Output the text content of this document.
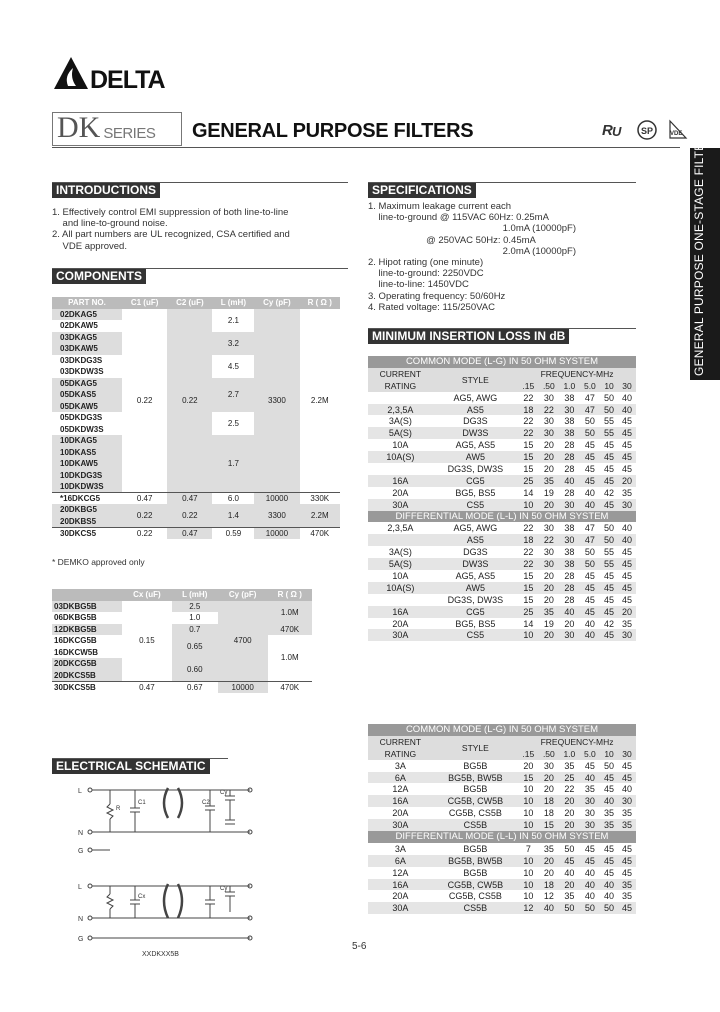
DELTA
DK SERIES GENERAL PURPOSE FILTERS	R U SP	VDE GENERAL PURPOSE ONE-STAGE FILTERS
INTRODUCTIONS
1. Effectively control EMI suppression of both line-to-line
and line-to-ground noise.
2. All part numbers are UL recognized, CSA certified and
VDE approved.
COMPONENTS
PART NO.	C1 (uF)	C2 (uF)	L (mH)	Cy (pF)	R ( Ω )
02DKAG5	0.22	0.22	2.1	3300	2.2M
02DKAW5					
03DKAG5			3.2		
03DKAW5					
03DKDG3S			4.5		
03DKDW3S					
05DKAG5			2.7		
05DKAS5					
05DKAW5					
05DKDG3S			2.5		
05DKDW3S					
10DKAG5			1.7		
10DKAS5					
10DKAW5					
10DKDG3S					
10DKDW3S					
*16DKCG5	0.47	0.47	6.0	10000	330K
20DKBG5	0.22	0.22	1.4	3300	2.2M
20DKBS5					
30DKCS5	0.22	0.47	0.59	10000	470K
* DEMKO approved only
	Cx (uF)	L (mH)	Cy (pF)	R ( Ω )
03DKBG5B	0.15	2.5	4700	1.0M
06DKBG5B		1.0		
12DKBG5B		0.7		470K
16DKCG5B		0.65		1.0M
16DKCW5B				
20DKCG5B		0.60		
20DKCS5B				
30DKCS5B	0.47	0.67	10000	470K
ELECTRICAL SCHEMATIC
L
N
G
C1	C2
Cy
R
L
N
G
Cx
Cy
XXDKXX5B
SPECIFICATIONS
1. Maximum leakage current each
line-to-ground @ 115VAC 60Hz: 0.25mA
1.0mA (10000pF)
@ 250VAC 50Hz: 0.45mA
2.0mA (10000pF)
2. Hipot rating (one minute)
line-to-ground: 2250VDC
line-to-line: 1450VDC
3. Operating frequency: 50/60Hz
4. Rated voltage: 115/250VAC
MINIMUM INSERTION LOSS IN dB
COMMON MODE (L-G) IN 50 OHM SYSTEM							
CURRENT	STYLE	FREQUENCY-MHz					
RATING		.15	.50	1.0	5.0	10	30
	AG5, AWG	22	30	38	47	50	40
2,3,5A	AS5	18	22	30	47	50	40
3A(S)	DG3S	22	30	38	50	55	45
5A(S)	DW3S	22	30	38	50	55	45
10A	AG5, AS5	15	20	28	45	45	45
10A(S)	AW5	15	20	28	45	45	45
	DG3S, DW3S	15	20	28	45	45	45
16A	CG5	25	35	40	45	45	20
20A	BG5, BS5	14	19	28	40	42	35
30A	CS5	10	20	30	40	45	30
DIFFERENTIAL MODE (L-L) IN 50 OHM SYSTEM							
2,3,5A	AG5, AWG	22	30	38	47	50	40
	AS5	18	22	30	47	50	40
3A(S)	DG3S	22	30	38	50	55	45
5A(S)	DW3S	22	30	38	50	55	45
10A	AG5, AS5	15	20	28	45	45	45
10A(S)	AW5	15	20	28	45	45	45
	DG3S, DW3S	15	20	28	45	45	45
16A	CG5	25	35	40	45	45	20
20A	BG5, BS5	14	19	20	40	42	35
30A	CS5	10	20	30	40	45	30
COMMON MODE (L-G) IN 50 OHM SYSTEM							
CURRENT	STYLE	FREQUENCY-MHz					
RATING		.15	.50	1.0	5.0	10	30
3A	BG5B	20	30	35	45	50	45
6A	BG5B, BW5B	15	20	25	40	45	45
12A	BG5B	10	20	22	35	45	40
16A	CG5B, CW5B	10	18	20	30	40	30
20A	CG5B, CS5B	10	18	20	30	35	35
30A	CS5B	10	15	20	30	35	35
DIFFERENTIAL MODE (L-L) IN 50 OHM SYSTEM							
3A	BG5B	7	35	50	45	45	45
6A	BG5B, BW5B	10	20	45	45	45	45
12A	BG5B	10	20	40	40	45	45
16A	CG5B, CW5B	10	18	20	40	40	35
20A	CG5B, CS5B	10	12	35	40	40	35
30A	CS5B	12	40	50	50	50	45
5-6
